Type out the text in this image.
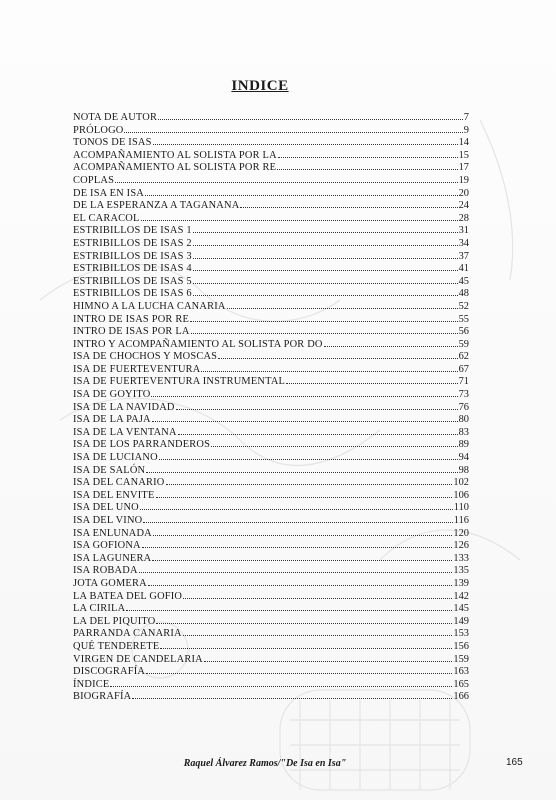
INDICE
NOTA DE AUTOR	7
PRÓLOGO	9
TONOS DE ISAS	14
ACOMPAÑAMIENTO AL SOLISTA POR LA	15
ACOMPAÑAMIENTO AL SOLISTA POR RE	17
COPLAS	19
DE ISA EN ISA	20
DE LA ESPERANZA A TAGANANA	24
EL CARACOL	28
ESTRIBILLOS DE ISAS 1	31
ESTRIBILLOS DE ISAS 2	34
ESTRIBILLOS DE ISAS 3	37
ESTRIBILLOS DE ISAS 4	41
ESTRIBILLOS DE ISAS 5	45
ESTRIBILLOS DE ISAS 6	48
HIMNO A LA LUCHA CANARIA	52
INTRO DE ISAS POR RE	55
INTRO DE ISAS POR LA	56
INTRO Y ACOMPAÑAMIENTO AL SOLISTA POR DO	59
ISA DE CHOCHOS Y MOSCAS	62
ISA DE FUERTEVENTURA	67
ISA DE FUERTEVENTURA INSTRUMENTAL	71
ISA DE GOYITO	73
ISA DE LA NAVIDAD	76
ISA DE LA PAJA	80
ISA DE LA VENTANA	83
ISA DE LOS PARRANDEROS	89
ISA DE LUCIANO	94
ISA DE SALÓN	98
ISA DEL CANARIO	102
ISA DEL ENVITE	106
ISA DEL UNO	110
ISA DEL VINO	116
ISA ENLUNADA	120
ISA GOFIONA	126
ISA LAGUNERA	133
ISA ROBADA	135
JOTA GOMERA	139
LA BATEA DEL GOFIO	142
LA CIRILA	145
LA DEL PIQUITO	149
PARRANDA CANARIA	153
QUÉ TENDERETE	156
VIRGEN DE CANDELARIA	159
DISCOGRAFÍA	163
ÍNDICE	165
BIOGRAFÍA	166
Raquel Álvarez Ramos/"De Isa en Isa"	165
